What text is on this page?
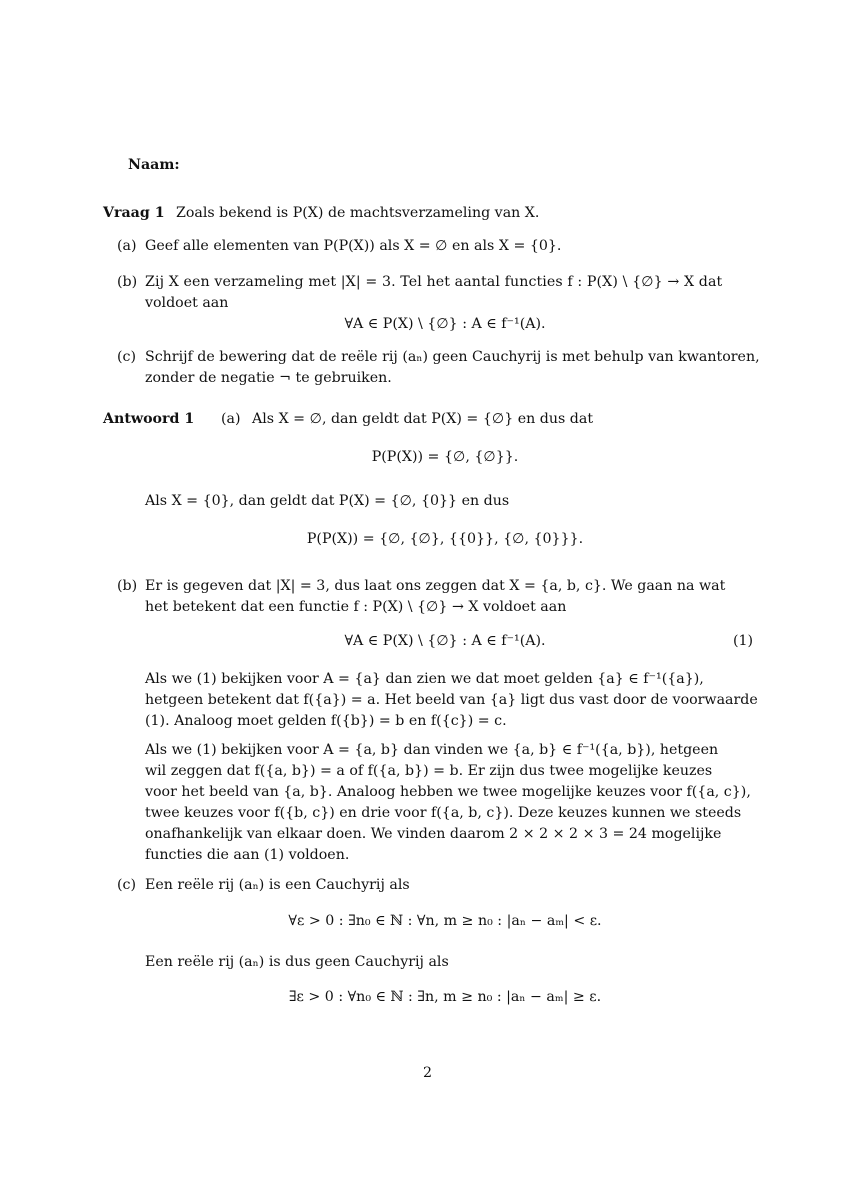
Naam:
Vraag 1 Zoals bekend is P(X) de machtsverzameling van X.
(a) Geef alle elementen van P(P(X)) als X = ∅ en als X = {0}.
(b) Zij X een verzameling met |X| = 3. Tel het aantal functies f : P(X) \ {∅} → X dat
voldoet aan
∀A ∈ P(X) \ {∅} : A ∈ f⁻¹(A).
(c) Schrijf de bewering dat de reële rij (aₙ) geen Cauchyrij is met behulp van kwantoren,
zonder de negatie ¬ te gebruiken.
Antwoord 1 (a) Als X = ∅, dan geldt dat P(X) = {∅} en dus dat
P(P(X)) = {∅, {∅}}.
Als X = {0}, dan geldt dat P(X) = {∅, {0}} en dus
P(P(X)) = {∅, {∅}, {{0}}, {∅, {0}}}.
(b) Er is gegeven dat |X| = 3, dus laat ons zeggen dat X = {a, b, c}. We gaan na wat
het betekent dat een functie f : P(X) \ {∅} → X voldoet aan
∀A ∈ P(X) \ {∅} : A ∈ f⁻¹(A).	(1)
Als we (1) bekijken voor A = {a} dan zien we dat moet gelden {a} ∈ f⁻¹({a}),
hetgeen betekent dat f({a}) = a. Het beeld van {a} ligt dus vast door de voorwaarde
(1). Analoog moet gelden f({b}) = b en f({c}) = c.
Als we (1) bekijken voor A = {a, b} dan vinden we {a, b} ∈ f⁻¹({a, b}), hetgeen
wil zeggen dat f({a, b}) = a of f({a, b}) = b. Er zijn dus twee mogelijke keuzes
voor het beeld van {a, b}. Analoog hebben we twee mogelijke keuzes voor f({a, c}),
twee keuzes voor f({b, c}) en drie voor f({a, b, c}). Deze keuzes kunnen we steeds
onafhankelijk van elkaar doen. We vinden daarom 2 × 2 × 2 × 3 = 24 mogelijke
functies die aan (1) voldoen.
(c) Een reële rij (aₙ) is een Cauchyrij als
∀ε > 0 : ∃n₀ ∈ ℕ : ∀n, m ≥ n₀ : |aₙ − aₘ| < ε.
Een reële rij (aₙ) is dus geen Cauchyrij als
∃ε > 0 : ∀n₀ ∈ ℕ : ∃n, m ≥ n₀ : |aₙ − aₘ| ≥ ε.
2
